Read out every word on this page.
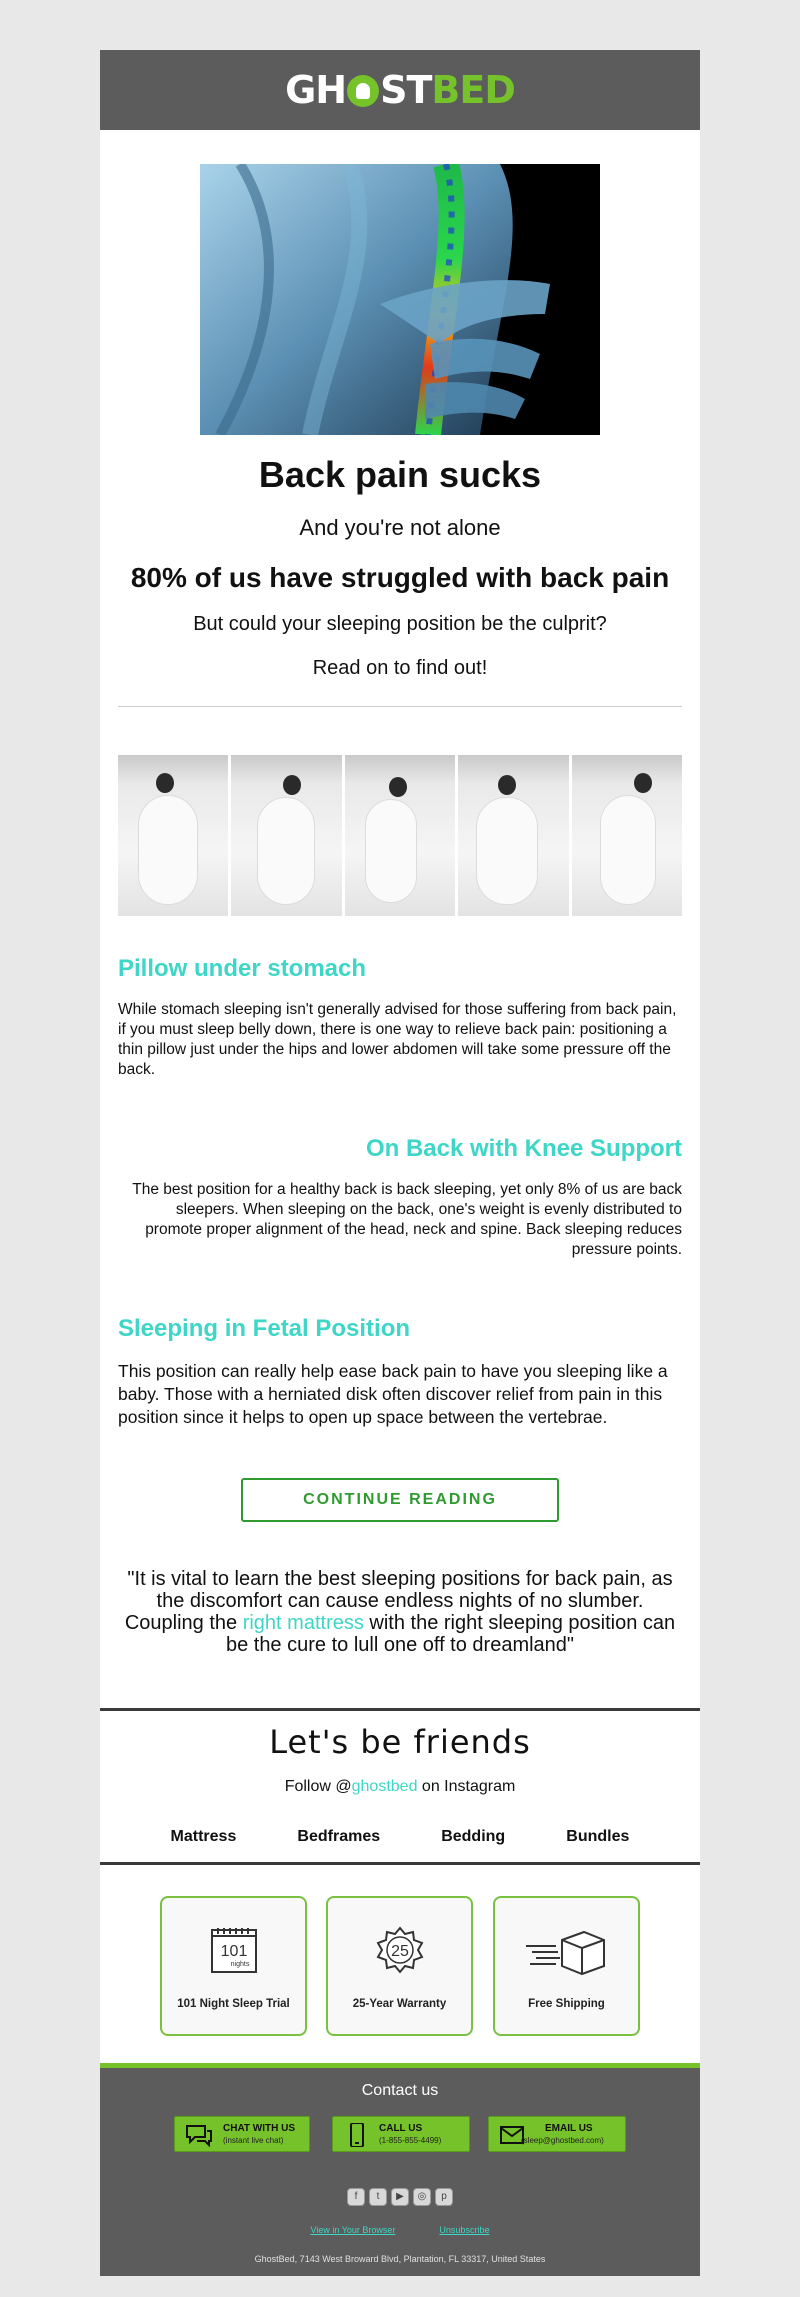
GH STBED
Back pain sucks
And you're not alone
80% of us have struggled with back pain
But could your sleeping position be the culprit?
Read on to find out!
Pillow under stomach
While stomach sleeping isn't generally advised for those suffering from back pain, if you must sleep belly down, there is one way to relieve back pain: positioning a thin pillow just under the hips and lower abdomen will take some pressure off the back.
On Back with Knee Support
The best position for a healthy back is back sleeping, yet only 8% of us are back sleepers. When sleeping on the back, one's weight is evenly distributed to promote proper alignment of the head, neck and spine. Back sleeping reduces pressure points.
Sleeping in Fetal Position
This position can really help ease back pain to have you sleeping like a baby. Those with a herniated disk often discover relief from pain in this position since it helps to open up space between the vertebrae.
CONTINUE READING
"It is vital to learn the best sleeping positions for back pain, as the discomfort can cause endless nights of no slumber. Coupling the right mattress with the right sleeping position can be the cure to lull one off to dreamland"
Let's be friends
Follow @ghostbed on Instagram
Mattress	Bedframes	Bedding	Bundles
101
nights
101 Night Sleep Trial
25
25-Year Warranty	Free Shipping
Contact us
CHAT WITH US
(instant live chat)
CALL US
(1-855-855-4499)
EMAIL US
(sleep@ghostbed.com)
f	t	▶	◎	p
View in Your Browser	Unsubscribe
GhostBed, 7143 West Broward Blvd, Plantation, FL 33317, United States
